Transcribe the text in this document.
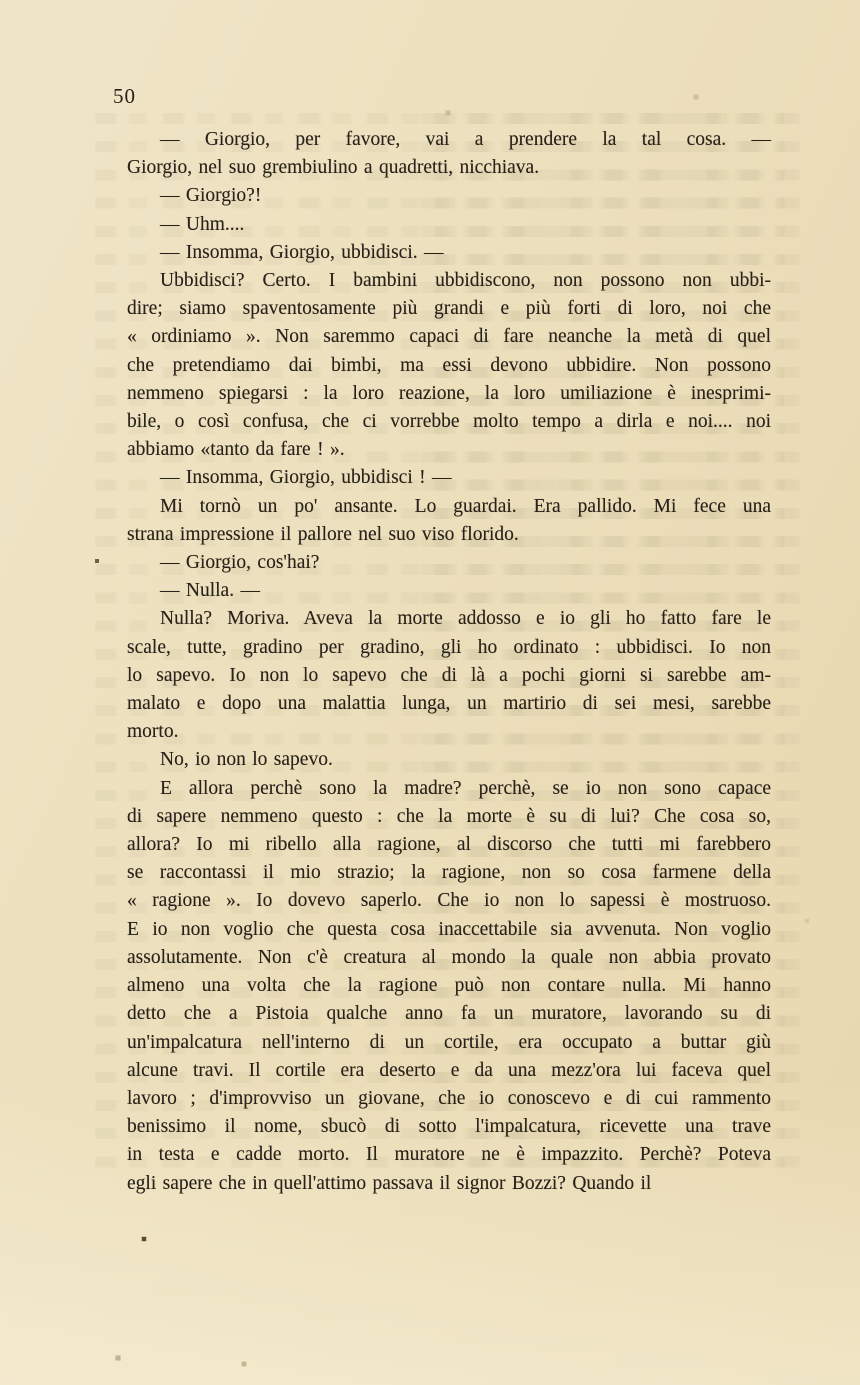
50
— Giorgio, per favore, vai a prendere la tal cosa. —
Giorgio, nel suo grembiulino a quadretti, nicchiava.
— Giorgio?!
— Uhm....
— Insomma, Giorgio, ubbidisci. —
Ubbidisci? Certo. I bambini ubbidiscono, non possono non ubbi-
dire; siamo spaventosamente più grandi e più forti di loro, noi che
« ordiniamo ». Non saremmo capaci di fare neanche la metà di quel
che pretendiamo dai bimbi, ma essi devono ubbidire. Non possono
nemmeno spiegarsi : la loro reazione, la loro umiliazione è inesprimi-
bile, o così confusa, che ci vorrebbe molto tempo a dirla e noi.... noi
abbiamo «tanto da fare ! ».
— Insomma, Giorgio, ubbidisci ! —
Mi tornò un po' ansante. Lo guardai. Era pallido. Mi fece una
strana impressione il pallore nel suo viso florido.
— Giorgio, cos'hai?
— Nulla. —
Nulla? Moriva. Aveva la morte addosso e io gli ho fatto fare le
scale, tutte, gradino per gradino, gli ho ordinato : ubbidisci. Io non
lo sapevo. Io non lo sapevo che di là a pochi giorni si sarebbe am-
malato e dopo una malattia lunga, un martirio di sei mesi, sarebbe
morto.
No, io non lo sapevo.
E allora perchè sono la madre? perchè, se io non sono capace
di sapere nemmeno questo : che la morte è su di lui? Che cosa so,
allora? Io mi ribello alla ragione, al discorso che tutti mi farebbero
se raccontassi il mio strazio; la ragione, non so cosa farmene della
« ragione ». Io dovevo saperlo. Che io non lo sapessi è mostruoso.
E io non voglio che questa cosa inaccettabile sia avvenuta. Non voglio
assolutamente. Non c'è creatura al mondo la quale non abbia provato
almeno una volta che la ragione può non contare nulla. Mi hanno
detto che a Pistoia qualche anno fa un muratore, lavorando su di
un'impalcatura nell'interno di un cortile, era occupato a buttar giù
alcune travi. Il cortile era deserto e da una mezz'ora lui faceva quel
lavoro ; d'improvviso un giovane, che io conoscevo e di cui rammento
benissimo il nome, sbucò di sotto l'impalcatura, ricevette una trave
in testa e cadde morto. Il muratore ne è impazzito. Perchè? Poteva
egli sapere che in quell'attimo passava il signor Bozzi? Quando il
